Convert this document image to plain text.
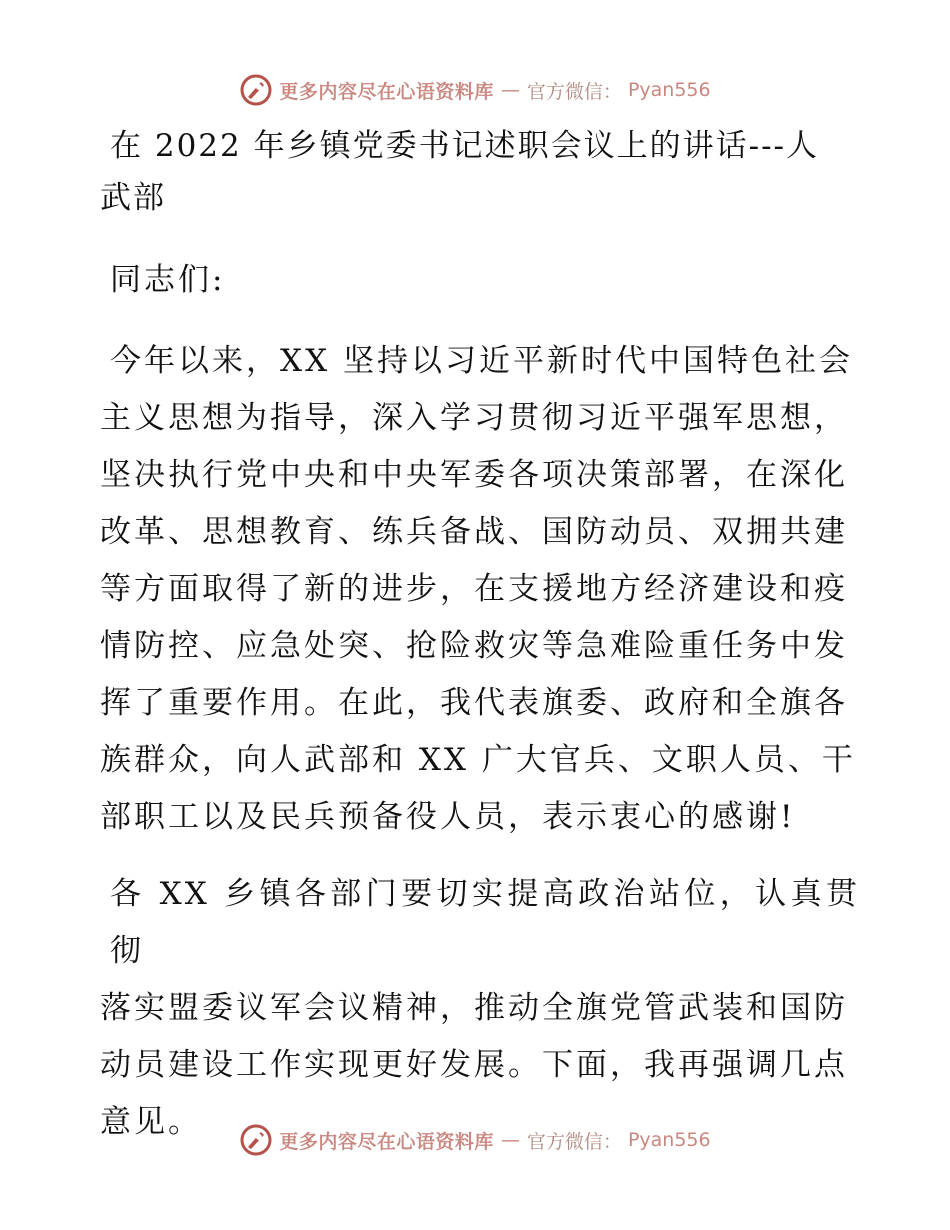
更多内容尽在心语资料库 — 官方微信： Pyan556
在 2022 年乡镇党委书记述职会议上的讲话---人
武部

同志们:

今年以来，XX 坚持以习近平新时代中国特色社会
主义思想为指导，深入学习贯彻习近平强军思想，
坚决执行党中央和中央军委各项决策部署，在深化
改革、思想教育、练兵备战、国防动员、双拥共建
等方面取得了新的进步，在支援地方经济建设和疫
情防控、应急处突、抢险救灾等急难险重任务中发
挥了重要作用。在此，我代表旗委、政府和全旗各
族群众，向人武部和 XX 广大官兵、文职人员、干
部职工以及民兵预备役人员，表示衷心的感谢!
各 XX 乡镇各部门要切实提高政治站位，认真贯彻
落实盟委议军会议精神，推动全旗党管武装和国防
动员建设工作实现更好发展。下面，我再强调几点
意见。
更多内容尽在心语资料库 — 官方微信： Pyan556
